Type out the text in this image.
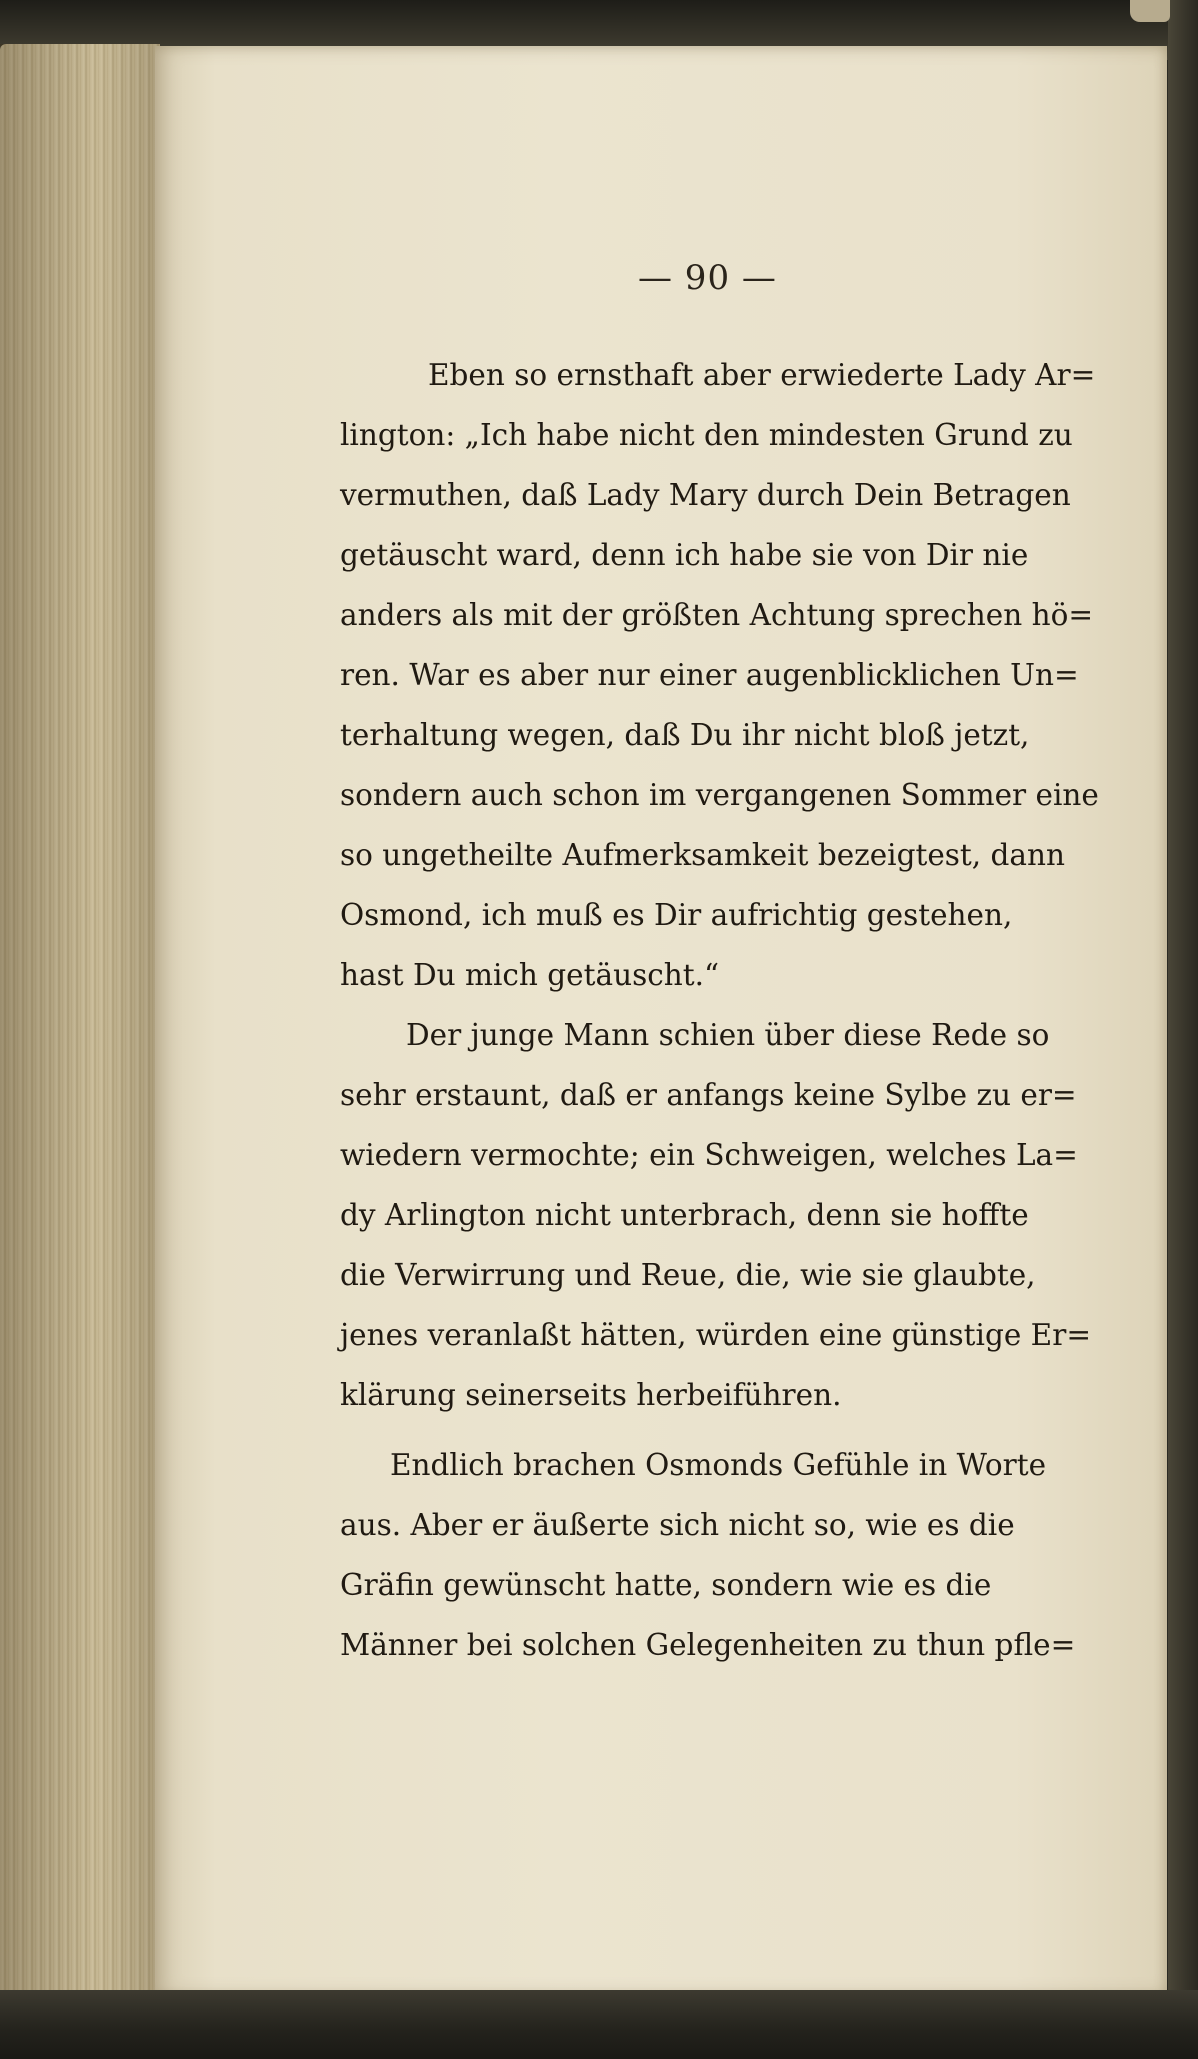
— 90 —
Eben so ernsthaft aber erwiederte Lady Ar=
lington: „Ich habe nicht den mindesten Grund zu
vermuthen, daß Lady Mary durch Dein Betragen
getäuscht ward, denn ich habe sie von Dir nie
anders als mit der größten Achtung sprechen hö=
ren. War es aber nur einer augenblicklichen Un=
terhaltung wegen, daß Du ihr nicht bloß jetzt,
sondern auch schon im vergangenen Sommer eine
so ungetheilte Aufmerksamkeit bezeigtest, dann
Osmond, ich muß es Dir aufrichtig gestehen,
hast Du mich getäuscht.“
Der junge Mann schien über diese Rede so
sehr erstaunt, daß er anfangs keine Sylbe zu er=
wiedern vermochte; ein Schweigen, welches La=
dy Arlington nicht unterbrach, denn sie hoffte
die Verwirrung und Reue, die, wie sie glaubte,
jenes veranlaßt hätten, würden eine günstige Er=
klärung seinerseits herbeiführen.
Endlich brachen Osmonds Gefühle in Worte
aus. Aber er äußerte sich nicht so, wie es die
Gräfin gewünscht hatte, sondern wie es die
Männer bei solchen Gelegenheiten zu thun pfle=
